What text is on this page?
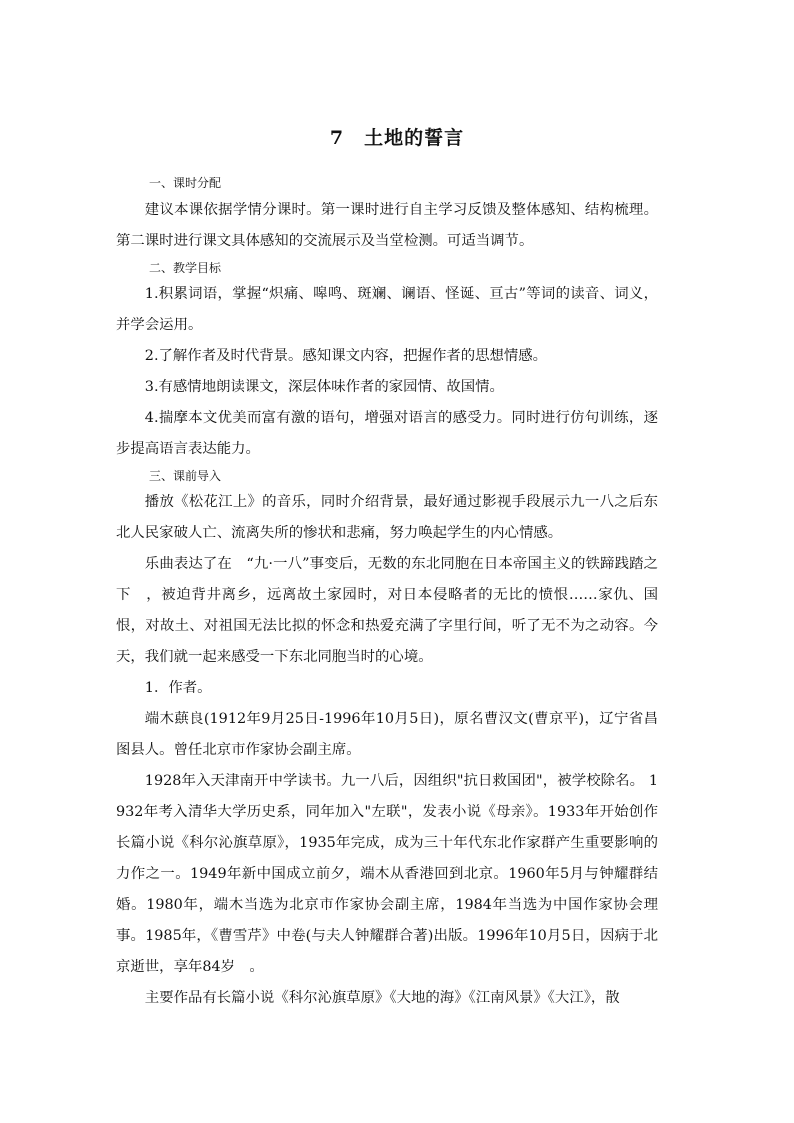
7　土地的誓言

一、课时分配

建议本课依据学情分课时。第一课时进行自主学习反馈及整体感知、结构梳理。第二课时进行课文具体感知的交流展示及当堂检测。可适当调节。

二、教学目标

1.积累词语，掌握“炽痛、嗥鸣、斑斓、谰语、怪诞、亘古”等词的读音、词义，并学会运用。

2.了解作者及时代背景。感知课文内容，把握作者的思想情感。

3.有感情地朗读课文，深层体味作者的家园情、故国情。

4.揣摩本文优美而富有激的语句，增强对语言的感受力。同时进行仿句训练，逐步提高语言表达能力。

三、课前导入

播放《松花江上》的音乐，同时介绍背景，最好通过影视手段展示九一八之后东北人民家破人亡、流离失所的惨状和悲痛，努力唤起学生的内心情感。

乐曲表达了在　“九·一八”事变后，无数的东北同胞在日本帝国主义的铁蹄践踏之下　，被迫背井离乡，远离故土家园时，对日本侵略者的无比的愤恨……家仇、国恨，对故土、对祖国无法比拟的怀念和热爱充满了字里行间，听了无不为之动容。今天，我们就一起来感受一下东北同胞当时的心境。

1．作者。

端木蕻良(1912年9月25日-1996年10月5日)，原名曹汉文(曹京平)，辽宁省昌图县人。曾任北京市作家协会副主席。

1928年入天津南开中学读书。九一八后，因组织"抗日救国团"，被学校除名。 1932年考入清华大学历史系，同年加入"左联"，发表小说《母亲》。1933年开始创作长篇小说《科尔沁旗草原》，1935年完成，成为三十年代东北作家群产生重要影响的力作之一。1949年新中国成立前夕，端木从香港回到北京。1960年5月与钟耀群结婚。1980年，端木当选为北京市作家协会副主席，1984年当选为中国作家协会理事。1985年，《曹雪芹》中卷(与夫人钟耀群合著)出版。1996年10月5日，因病于北京逝世，享年84岁　。

主要作品有长篇小说《科尔沁旗草原》《大地的海》《江南风景》《大江》，散
